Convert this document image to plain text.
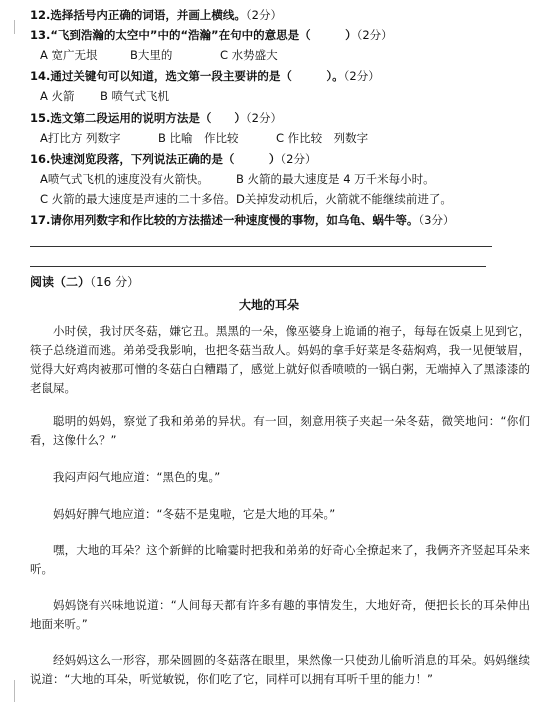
12.选择括号内正确的词语，并画上横线。（2分）
13.“飞到浩瀚的太空中”中的“浩瀚”在句中的意思是（　　　）（2分）
A 宽广无垠	B大里的	C 水势盛大
14.通过关键句可以知道，选文第一段主要讲的是（　　　）。（2分）
A 火箭 B 喷气式飞机
15.选文第二段运用的说明方法是（　　）（2分）
A打比方 列数字	B 比喻　作比较	C 作比较　列数字
16.快速浏览段落，下列说法正确的是（　　　）（2分）
A喷气式飞机的速度没有火箭快。 B 火箭的最大速度是 4 万千米每小时。
C 火箭的最大速度是声速的二十多倍。D关掉发动机后，火箭就不能继续前进了。
17.请你用列数字和作比较的方法描述一种速度慢的事物，如乌龟、蜗牛等。（3分）
阅读（二）（16 分）
大地的耳朵
小时侯，我讨厌冬菇，嫌它丑。黑黑的一朵，像巫婆身上诡诵的袍子，每每在饭桌上见到它，筷子总绕道而逃。弟弟受我影响，也把冬菇当敌人。妈妈的拿手好菜是冬菇焖鸡，我一见便皱眉，觉得大好鸡肉被那可憎的冬菇白白糟蹋了，感觉上就好似香喷喷的一锅白粥，无端掉入了黑漆漆的老鼠屎。
聪明的妈妈，察觉了我和弟弟的异状。有一回，刻意用筷子夹起一朵冬菇，微笑地问：“你们看，这像什么？”
我闷声闷气地应道：“黑色的鬼。”
妈妈好脾气地应道：“冬菇不是鬼啦，它是大地的耳朵。”
嘿，大地的耳朵？这个新鲜的比喻霎时把我和弟弟的好奇心全撩起来了，我俩齐齐竖起耳朵来听。
妈妈饶有兴味地说道：“人间每天都有许多有趣的事情发生，大地好奇，便把长长的耳朵伸出地面来听。”
经妈妈这么一形容，那朵圆圆的冬菇落在眼里，果然像一只使劲儿偷听消息的耳朵。妈妈继续说道：“大地的耳朵，听觉敏锐，你们吃了它，同样可以拥有耳听千里的能力！”
